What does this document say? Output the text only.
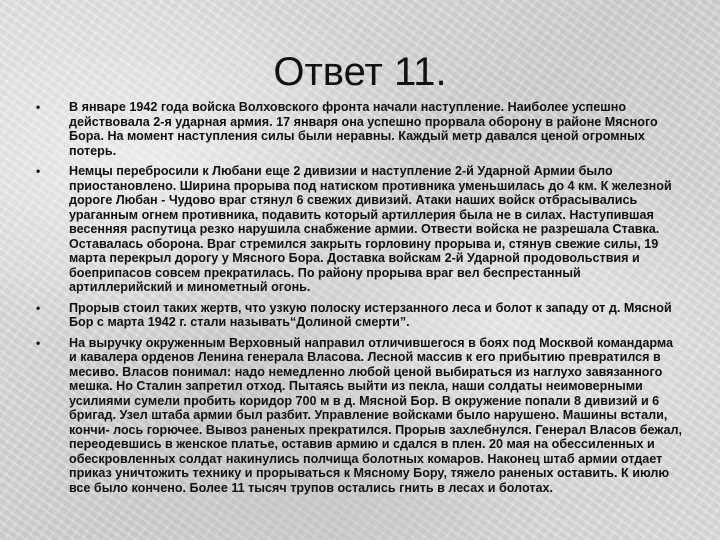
Ответ 11.
• В январе 1942 года войска Волховского фронта начали наступление. Наиболее успешно действовала 2-я ударная армия. 17 января она успешно прорвала оборону в районе Мясного Бора. На момент наступления силы были неравны. Каждый метр давался ценой огромных потерь.
• Немцы перебросили к Любани еще 2 дивизии и наступление 2-й Ударной Армии было приостановлено. Ширина прорыва под натиском противника уменьшилась до 4 км. К железной дороге Любан - Чудово враг стянул 6 свежих дивизий. Атаки наших войск отбрасывались ураганным огнем противника, подавить который артиллерия была не в силах. Наступившая весенняя распутица резко нарушила снабжение армии. Отвести войска не разрешала Ставка. Оставалась оборона. Враг стремился закрыть горловину прорыва и, стянув свежие силы, 19 марта перекрыл дорогу у Мясного Бора. Доставка войскам 2-й Ударной продовольствия и боеприпасов совсем прекратилась. По району прорыва враг вел беспрестанный артиллерийский и минометный огонь.
• Прорыв стоил таких жертв, что узкую полоску истерзанного леса и болот к западу от д. Мясной Бор с марта 1942 г. стали называть“Долиной смерти”.
• На выручку окруженным Верховный направил отличившегося в боях под Москвой командарма и кавалера орденов Ленина генерала Власова. Лесной массив к его прибытию превратился в месиво. Власов понимал: надо немедленно любой ценой выбираться из наглухо завязанного мешка. Но Сталин запретил отход. Пытаясь выйти из пекла, наши солдаты неимоверными усилиями сумели пробить коридор 700 м в д. Мясной Бор. В окружение попали 8 дивизий и 6 бригад. Узел штаба армии был разбит. Управление войсками было нарушено. Машины встали, кончи- лось горючее. Вывоз раненых прекратился. Прорыв захлебнулся. Генерал Власов бежал, переодевшись в женское платье, оставив армию и сдался в плен. 20 мая на обессиленных и обескровленных солдат накинулись полчища болотных комаров. Наконец штаб армии отдает приказ уничтожить технику и прорываться к Мясному Бору, тяжело раненых оставить. К июлю все было кончено. Более 11 тысяч трупов остались гнить в лесах и болотах.
